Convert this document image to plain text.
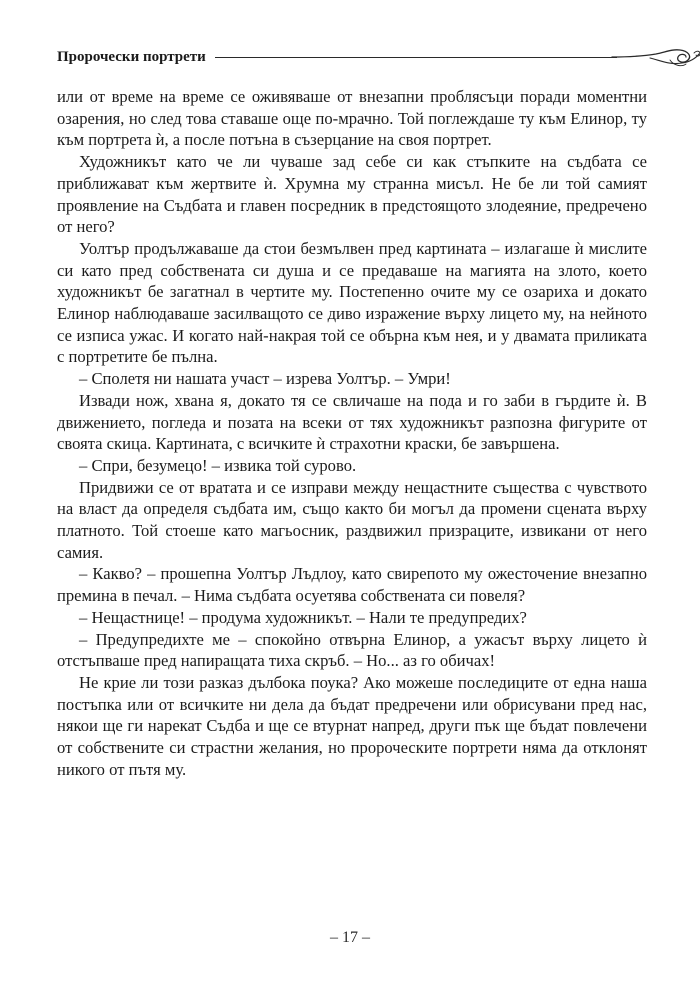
Пророчески портрети

или от време на време се оживяваше от внезапни проблясъци поради моментни озарения, но след това ставаше още по-мрачно. Той поглеждаше ту към Елинор, ту към портрета ѝ, а после потъна в съзерцание на своя портрет.

Художникът като че ли чуваше зад себе си как стъпките на съдбата се приближават към жертвите ѝ. Хрумна му странна мисъл. Не бе ли той самият проявление на Съдбата и главен посредник в предстоящото злодеяние, предречено от него?

Уолтър продължаваше да стои безмълвен пред картината – излагаше ѝ мислите си като пред собствената си душа и се предаваше на магията на злото, което художникът бе загатнал в чертите му. Постепенно очите му се озариха и докато Елинор наблюдаваше засилващото се диво изражение върху лицето му, на нейното се изписа ужас. И когато най-накрая той се обърна към нея, и у двамата приликата с портретите бе пълна.

– Сполетя ни нашата участ – изрева Уолтър. – Умри!

Извади нож, хвана я, докато тя се свличаше на пода и го заби в гърдите ѝ. В движението, погледа и позата на всеки от тях художникът разпозна фигурите от своята скица. Картината, с всичките ѝ страхотни краски, бе завършена.

– Спри, безумецо! – извика той сурово.

Придвижи се от вратата и се изправи между нещастните същества с чувството на власт да определя съдбата им, също както би могъл да промени сцената върху платното. Той стоеше като магьосник, раздвижил призраците, извикани от него самия.

– Какво? – прошепна Уолтър Лъдлоу, като свирепото му ожесточение внезапно премина в печал. – Нима съдбата осуетява собствената си повеля?

– Нещастнице! – продума художникът. – Нали те предупредих?

– Предупредихте ме – спокойно отвърна Елинор, а ужасът върху лицето ѝ отстъпваше пред напиращата тиха скръб. – Но... аз го обичах!

Не крие ли този разказ дълбока поука? Ако можеше последиците от една наша постъпка или от всичките ни дела да бъдат предречени или обрисувани пред нас, някои ще ги нарекат Съдба и ще се втурнат напред, други пък ще бъдат повлечени от собствените си страстни желания, но пророческите портрети няма да отклонят никого от пътя му.

– 17 –
